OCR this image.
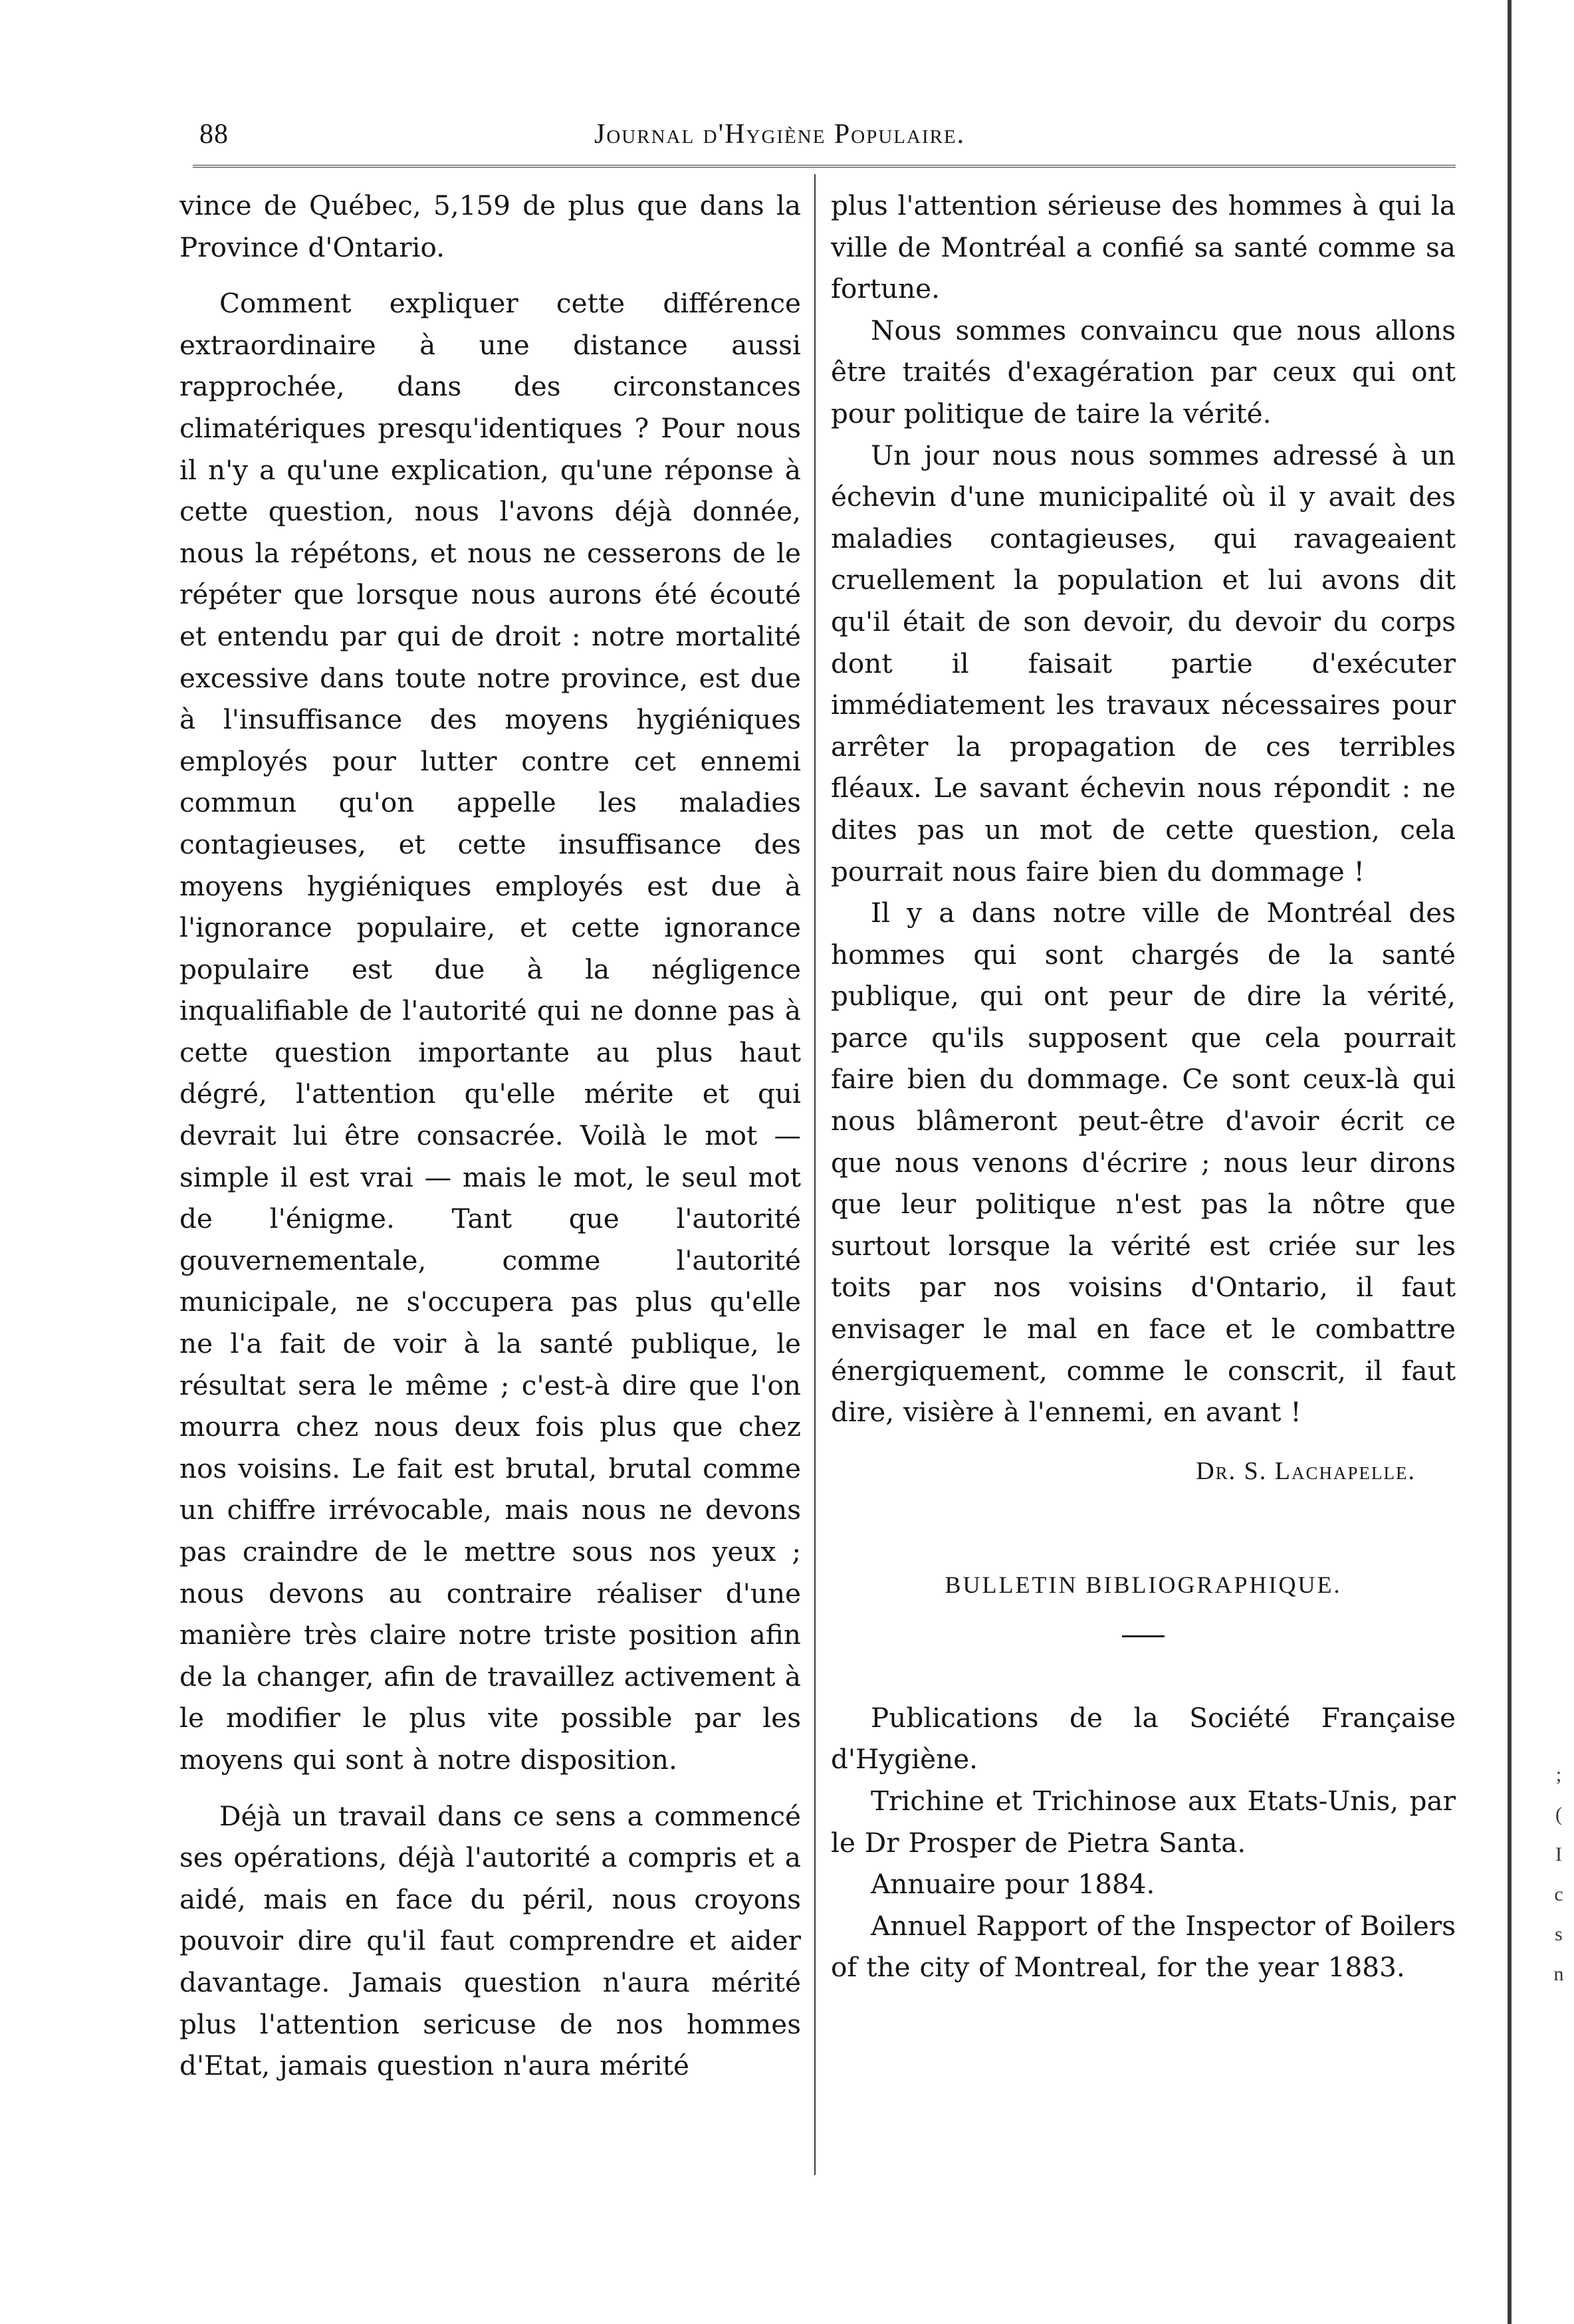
88	Journal d'Hygiène Populaire.

vince de Québec, 5,159 de plus que dans la Province d'Ontario.

Comment expliquer cette différence extraordinaire à une distance aussi rapprochée, dans des circonstances climatériques presqu'identiques ? Pour nous il n'y a qu'une explication, qu'une réponse à cette question, nous l'avons déjà donnée, nous la répétons, et nous ne cesserons de le répéter que lorsque nous aurons été écouté et entendu par qui de droit : notre mortalité excessive dans toute notre province, est due à l'insuffisance des moyens hygiéniques employés pour lutter contre cet ennemi commun qu'on appelle les maladies contagieuses, et cette insuffisance des moyens hygiéniques employés est due à l'ignorance populaire, et cette ignorance populaire est due à la négligence inqualifiable de l'autorité qui ne donne pas à cette question importante au plus haut dégré, l'attention qu'elle mérite et qui devrait lui être consacrée. Voilà le mot — simple il est vrai — mais le mot, le seul mot de l'énigme. Tant que l'autorité gouvernementale, comme l'autorité municipale, ne s'occupera pas plus qu'elle ne l'a fait de voir à la santé publique, le résultat sera le même ; c'est-à dire que l'on mourra chez nous deux fois plus que chez nos voisins. Le fait est brutal, brutal comme un chiffre irrévocable, mais nous ne devons pas craindre de le mettre sous nos yeux ; nous devons au contraire réaliser d'une manière très claire notre triste position afin de la changer, afin de travaillez activement à le modifier le plus vite possible par les moyens qui sont à notre disposition.

Déjà un travail dans ce sens a commencé ses opérations, déjà l'autorité a compris et a aidé, mais en face du péril, nous croyons pouvoir dire qu'il faut comprendre et aider davantage. Jamais question n'aura mérité plus l'attention sericuse de nos hommes d'Etat, jamais question n'aura mérité

plus l'attention sérieuse des hommes à qui la ville de Montréal a confié sa santé comme sa fortune.

Nous sommes convaincu que nous allons être traités d'exagération par ceux qui ont pour politique de taire la vérité.

Un jour nous nous sommes adressé à un échevin d'une municipalité où il y avait des maladies contagieuses, qui ravageaient cruellement la population et lui avons dit qu'il était de son devoir, du devoir du corps dont il faisait partie d'exécuter immédiatement les travaux nécessaires pour arrêter la propagation de ces terribles fléaux. Le savant échevin nous répondit : ne dites pas un mot de cette question, cela pourrait nous faire bien du dommage !

Il y a dans notre ville de Montréal des hommes qui sont chargés de la santé publique, qui ont peur de dire la vérité, parce qu'ils supposent que cela pourrait faire bien du dommage. Ce sont ceux-là qui nous blâmeront peut-être d'avoir écrit ce que nous venons d'écrire ; nous leur dirons que leur politique n'est pas la nôtre que surtout lorsque la vérité est criée sur les toits par nos voisins d'Ontario, il faut envisager le mal en face et le combattre énergiquement, comme le conscrit, il faut dire, visière à l'ennemi, en avant !

Dr. S. Lachapelle.
BULLETIN BIBLIOGRAPHIQUE.

Publications de la Société Française d'Hygiène.

Trichine et Trichinose aux Etats-Unis, par le Dr Prosper de Pietra Santa.

Annuaire pour 1884.

Annuel Rapport of the Inspector of Boilers of the city of Montreal, for the year 1883.

;
(
I
c
s
n
